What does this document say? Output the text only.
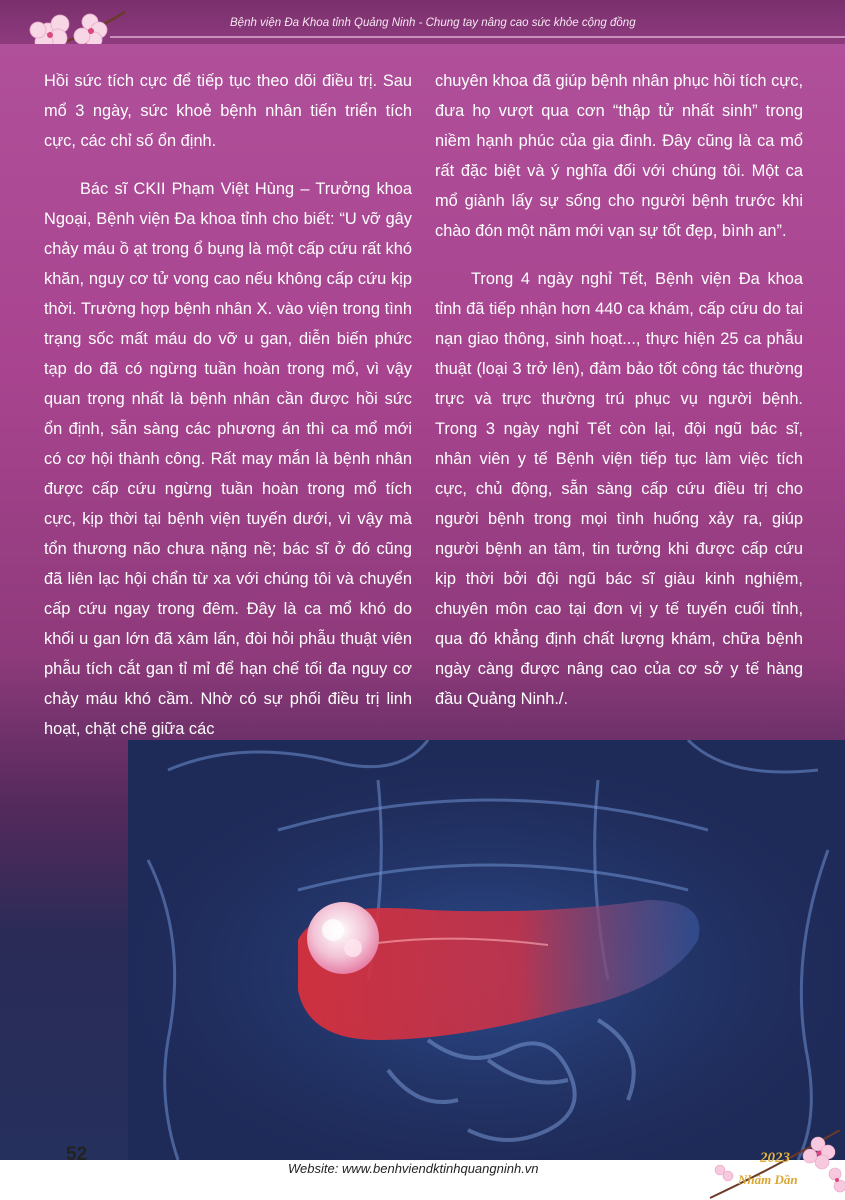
Bệnh viện Đa Khoa tỉnh Quảng Ninh - Chung tay nâng cao sức khỏe cộng đồng

Hồi sức tích cực để tiếp tục theo dõi điều trị. Sau mổ 3 ngày, sức khoẻ bệnh nhân tiến triển tích cực, các chỉ số ổn định.

Bác sĩ CKII Phạm Việt Hùng – Trưởng khoa Ngoại, Bệnh viện Đa khoa tỉnh cho biết: “U vỡ gây chảy máu ồ ạt trong ổ bụng là một cấp cứu rất khó khăn, nguy cơ tử vong cao nếu không cấp cứu kịp thời. Trường hợp bệnh nhân X. vào viện trong tình trạng sốc mất máu do vỡ u gan, diễn biến phức tạp do đã có ngừng tuần hoàn trong mổ, vì vậy quan trọng nhất là bệnh nhân cần được hồi sức ổn định, sẵn sàng các phương án thì ca mổ mới có cơ hội thành công. Rất may mắn là bệnh nhân được cấp cứu ngừng tuần hoàn trong mổ tích cực, kịp thời tại bệnh viện tuyến dưới, vì vậy mà tổn thương não chưa nặng nề; bác sĩ ở đó cũng đã liên lạc hội chẩn từ xa với chúng tôi và chuyển cấp cứu ngay trong đêm. Đây là ca mổ khó do khối u gan lớn đã xâm lấn, đòi hỏi phẫu thuật viên phẫu tích cắt gan tỉ mỉ để hạn chế tối đa nguy cơ chảy máu khó cầm. Nhờ có sự phối điều trị linh hoạt, chặt chẽ giữa các

chuyên khoa đã giúp bệnh nhân phục hồi tích cực, đưa họ vượt qua cơn “thập tử nhất sinh” trong niềm hạnh phúc của gia đình. Đây cũng là ca mổ rất đặc biệt và ý nghĩa đối với chúng tôi. Một ca mổ giành lấy sự sống cho người bệnh trước khi chào đón một năm mới vạn sự tốt đẹp, bình an”.

Trong 4 ngày nghỉ Tết, Bệnh viện Đa khoa tỉnh đã tiếp nhận hơn 440 ca khám, cấp cứu do tai nạn giao thông, sinh hoạt..., thực hiện 25 ca phẫu thuật (loại 3 trở lên), đảm bảo tốt công tác thường trực và trực thường trú phục vụ người bệnh. Trong 3 ngày nghỉ Tết còn lại, đội ngũ bác sĩ, nhân viên y tế Bệnh viện tiếp tục làm việc tích cực, chủ động, sẵn sàng cấp cứu điều trị cho người bệnh trong mọi tình huống xảy ra, giúp người bệnh an tâm, tin tưởng khi được cấp cứu kịp thời bởi đội ngũ bác sĩ giàu kinh nghiệm, chuyên môn cao tại đơn vị y tế tuyến cuối tỉnh, qua đó khẳng định chất lượng khám, chữa bệnh ngày càng được nâng cao của cơ sở y tế hàng đầu Quảng Ninh./.

52
Website: www.benhviendktinhquangninh.vn
2023
Nhâm Dần
